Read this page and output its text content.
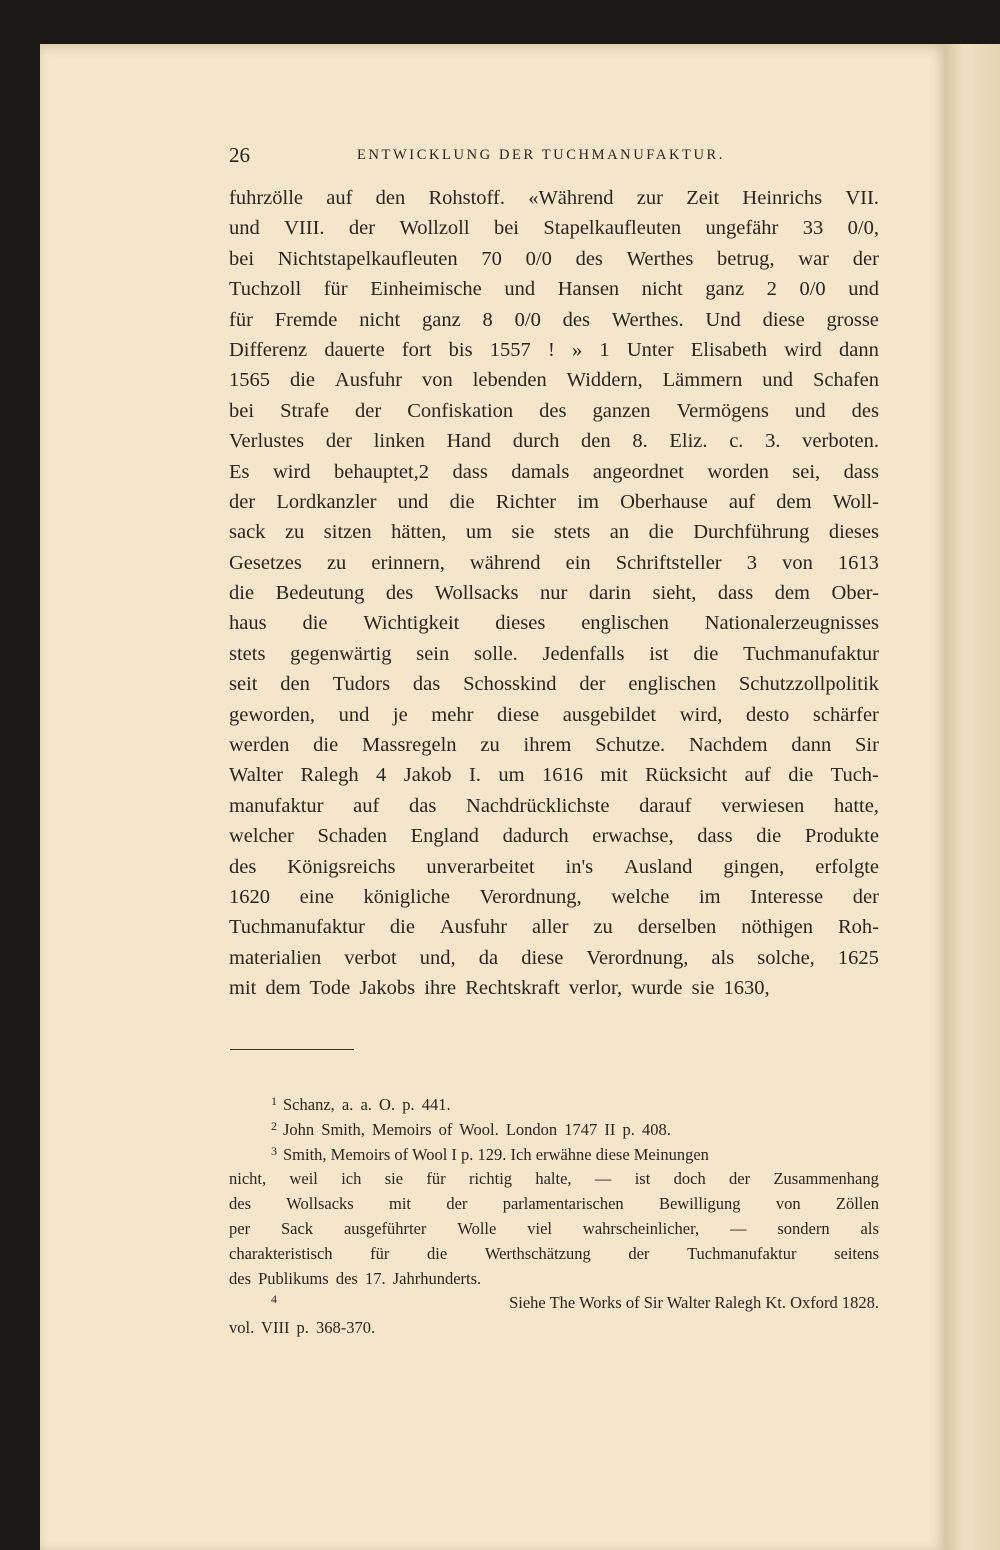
26	ENTWICKLUNG DER TUCHMANUFAKTUR.
fuhrzölle auf den Rohstoff. «Während zur Zeit Heinrichs VII.
und VIII. der Wollzoll bei Stapelkaufleuten ungefähr 33 0/0,
bei Nichtstapelkaufleuten 70 0/0 des Werthes betrug, war der
Tuchzoll für Einheimische und Hansen nicht ganz 2 0/0 und
für Fremde nicht ganz 8 0/0 des Werthes. Und diese grosse
Differenz dauerte fort bis 1557 ! » 1 Unter Elisabeth wird dann
1565 die Ausfuhr von lebenden Widdern, Lämmern und Schafen
bei Strafe der Confiskation des ganzen Vermögens und des
Verlustes der linken Hand durch den 8. Eliz. c. 3. verboten.
Es wird behauptet,2 dass damals angeordnet worden sei, dass
der Lordkanzler und die Richter im Oberhause auf dem Woll-
sack zu sitzen hätten, um sie stets an die Durchführung dieses
Gesetzes zu erinnern, während ein Schriftsteller 3 von 1613
die Bedeutung des Wollsacks nur darin sieht, dass dem Ober-
haus die Wichtigkeit dieses englischen Nationalerzeugnisses
stets gegenwärtig sein solle. Jedenfalls ist die Tuchmanufaktur
seit den Tudors das Schosskind der englischen Schutzzollpolitik
geworden, und je mehr diese ausgebildet wird, desto schärfer
werden die Massregeln zu ihrem Schutze. Nachdem dann Sir
Walter Ralegh 4 Jakob I. um 1616 mit Rücksicht auf die Tuch-
manufaktur auf das Nachdrücklichste darauf verwiesen hatte,
welcher Schaden England dadurch erwachse, dass die Produkte
des Königsreichs unverarbeitet in's Ausland gingen, erfolgte
1620 eine königliche Verordnung, welche im Interesse der
Tuchmanufaktur die Ausfuhr aller zu derselben nöthigen Roh-
materialien verbot und, da diese Verordnung, als solche, 1625
mit dem Tode Jakobs ihre Rechtskraft verlor, wurde sie 1630,
1 Schanz, a. a. O. p. 441.
2 John Smith, Memoirs of Wool. London 1747 II p. 408.
3 Smith, Memoirs of Wool I p. 129. Ich erwähne diese Meinungen
nicht, weil ich sie für richtig halte, — ist doch der Zusammenhang
des Wollsacks mit der parlamentarischen Bewilligung von Zöllen
per Sack ausgeführter Wolle viel wahrscheinlicher, — sondern als
charakteristisch für die Werthschätzung der Tuchmanufaktur seitens
des Publikums des 17. Jahrhunderts.
4	Siehe The Works of Sir Walter Ralegh Kt. Oxford 1828.
vol. VIII p. 368-370.
